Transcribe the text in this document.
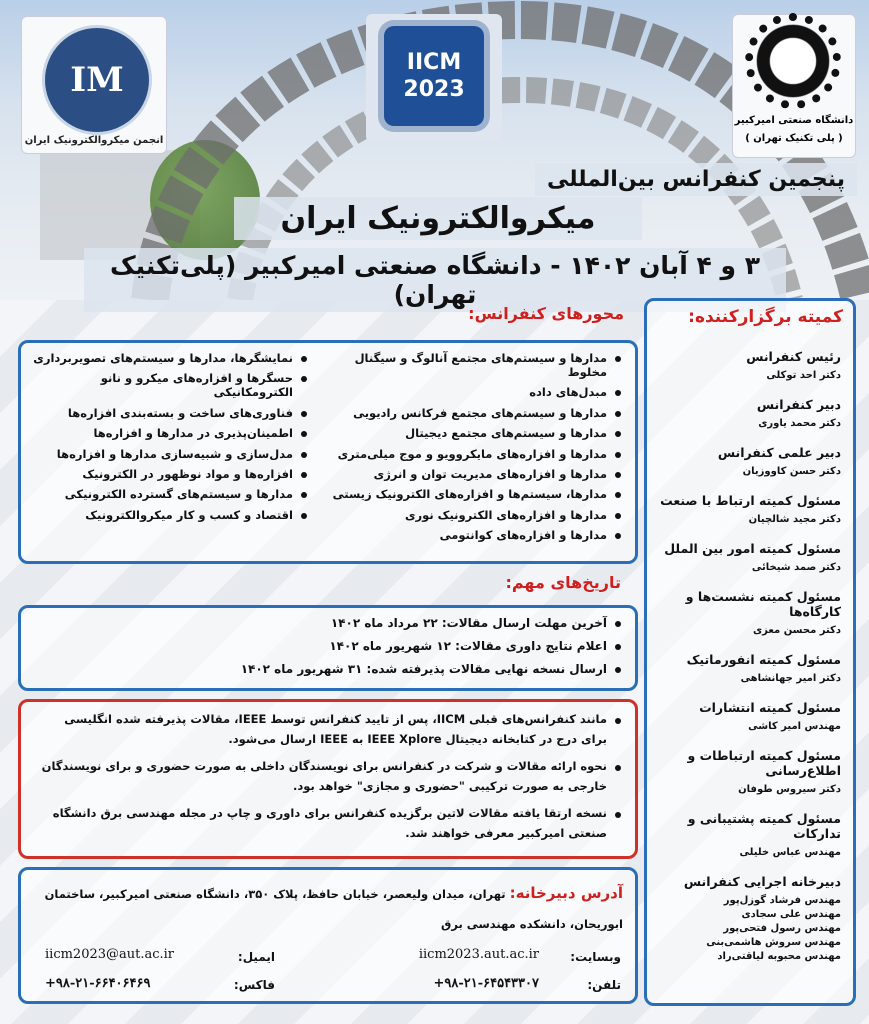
IM
انجمن میکروالکترونیک ایران
IICM
2023
دانشگاه صنعتی امیرکبیر
( پلی تکنیک تهران )
پنجمین کنفرانس بین‌المللی
میکروالکترونیک ایران
۳ و ۴ آبان ۱۴۰۲ - دانشگاه صنعتی امیرکبیر (پلی‌تکنیک تهران)
محورهای کنفرانس:
مدارها و سیستم‌های مجتمع آنالوگ و سیگنال مخلوط
مبدل‌های داده
مدارها و سیستم‌های مجتمع فرکانس رادیویی
مدارها و سیستم‌های مجتمع دیجیتال
مدارها و افزاره‌های مایکروویو و موج میلی‌متری
مدارها و افزاره‌های مدیریت توان و انرژی
مدارها، سیستم‌ها و افزاره‌های الکترونیک زیستی
مدارها و افزاره‌های الکترونیک نوری
مدارها و افزاره‌های کوانتومی
نمایشگرها، مدارها و سیستم‌های تصویربرداری
حسگرها و افزاره‌های میکرو و نانو الکترومکانیکی
فناوری‌های ساخت و بسته‌بندی افزاره‌ها
اطمینان‌پذیری در مدارها و افزاره‌ها
مدل‌سازی و شبیه‌سازی مدارها و افزاره‌ها
افزاره‌ها و مواد نوظهور در الکترونیک
مدارها و سیستم‌های گسترده الکترونیکی
اقتصاد و کسب و کار میکروالکترونیک
تاریخ‌های مهم:
آخرین مهلت ارسال مقالات: ۲۲ مرداد ماه ۱۴۰۲
اعلام نتایج داوری مقالات: ۱۲ شهریور ماه ۱۴۰۲
ارسال نسخه نهایی مقالات پذیرفته شده: ۳۱ شهریور ماه ۱۴۰۲
مانند کنفرانس‌های قبلی IICM، پس از تایید کنفرانس توسط IEEE، مقالات پذیرفته شده انگلیسی برای درج در کتابخانه دیجیتال IEEE Xplore به IEEE ارسال می‌شود.
نحوه ارائه مقالات و شرکت در کنفرانس برای نویسندگان داخلی به صورت حضوری و برای نویسندگان خارجی به صورت ترکیبی "حضوری و مجازی" خواهد بود.
نسخه ارتقا یافته مقالات لاتین برگزیده کنفرانس برای داوری و چاپ در مجله مهندسی برق دانشگاه صنعتی امیرکبیر معرفی خواهند شد.
آدرس دبیرخانه: تهران، میدان ولیعصر، خیابان حافظ، پلاک ۳۵۰، دانشگاه صنعتی امیرکبیر، ساختمان ابوریحان، دانشکده مهندسی برق
وبسایت:
iicm2023.aut.ac.ir
ایمیل:
iicm2023@aut.ac.ir
تلفن:
+۹۸-۲۱-۶۴۵۴۳۳۰۷
فاکس:
+۹۸-۲۱-۶۶۴۰۶۴۶۹
کمیته برگزارکننده:
رئیس کنفرانس
دکتر احد توکلی
دبیر کنفرانس
دکتر محمد یاوری
دبیر علمی کنفرانس
دکتر حسن کاووزیان
مسئول کمیته ارتباط با صنعت
دکتر مجید شالچیان
مسئول کمیته امور بین الملل
دکتر صمد شیخائی
مسئول کمیته نشست‌ها و کارگاه‌ها
دکتر محسن معزی
مسئول کمیته انفورماتیک
دکتر امیر جهانشاهی
مسئول کمیته انتشارات
مهندس امیر کاشی
مسئول کمیته ارتباطات و اطلاع‌رسانی
دکتر سیروس طوفان
مسئول کمیته پشتیبانی و تدارکات
مهندس عباس خلیلی
دبیرخانه اجرایی کنفرانس
مهندس فرشاد گوزل‌پور
مهندس علی سجادی
مهندس رسول فتحی‌پور
مهندس سروش هاشمی‌بنی
مهندس محبوبه لیاقتی‌راد
